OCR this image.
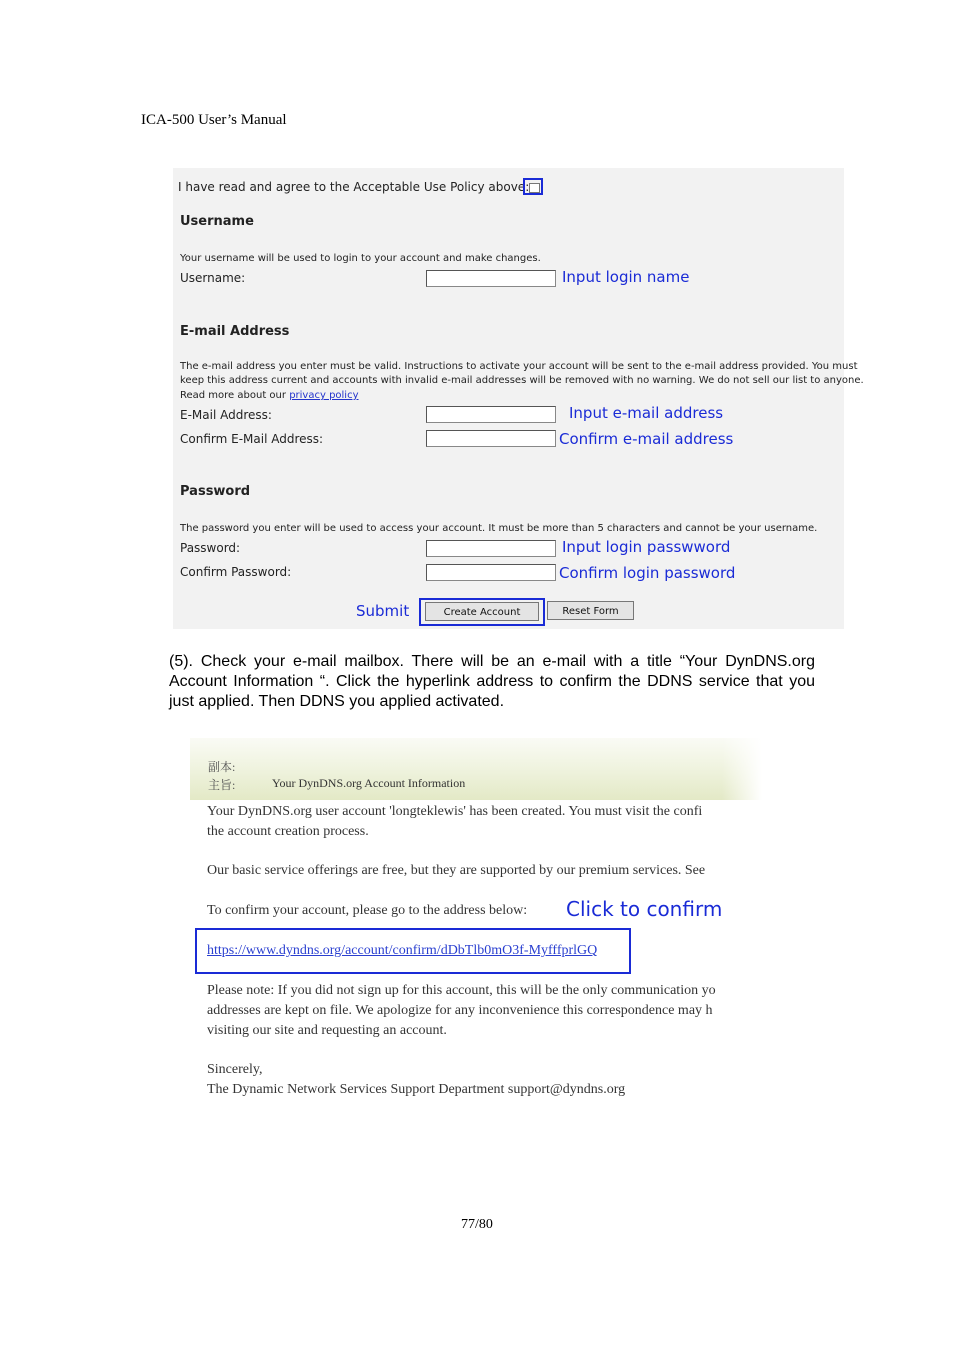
ICA-500 User’s Manual
I have read and agree to the Acceptable Use Policy above:
Username
Your username will be used to login to your account and make changes.
Username:	Input login name
E-mail Address
The e-mail address you enter must be valid. Instructions to activate your account will be sent to the e-mail address provided. You must
keep this address current and accounts with invalid e-mail addresses will be removed with no warning. We do not sell our list to anyone.
Read more about our privacy policy
E-Mail Address:	Input e-mail address
Confirm E-Mail Address:	Confirm e-mail address
Password
The password you enter will be used to access your account. It must be more than 5 characters and cannot be your username.
Password:	Input login passwword
Confirm Password:	Confirm login password
Submit	Create Account	Reset Form

(5). Check your e-mail mailbox. There will be an e-mail with a title “Your DynDNS.org Account Information “. Click the hyperlink address to confirm the DDNS service that you just applied. Then DDNS you applied activated.

副本:
主旨:	Your DynDNS.org Account Information
Your DynDNS.org user account 'longteklewis' has been created. You must visit the confi
the account creation process.
Our basic service offerings are free, but they are supported by our premium services. See
To confirm your account, please go to the address below: Click to confirm
https://www.dyndns.org/account/confirm/dDbTlb0mO3f-MyfffprlGQ
Please note: If you did not sign up for this account, this will be the only communication yo
addresses are kept on file. We apologize for any inconvenience this correspondence may h
visiting our site and requesting an account.
Sincerely,
The Dynamic Network Services Support Department support@dyndns.org
77/80
